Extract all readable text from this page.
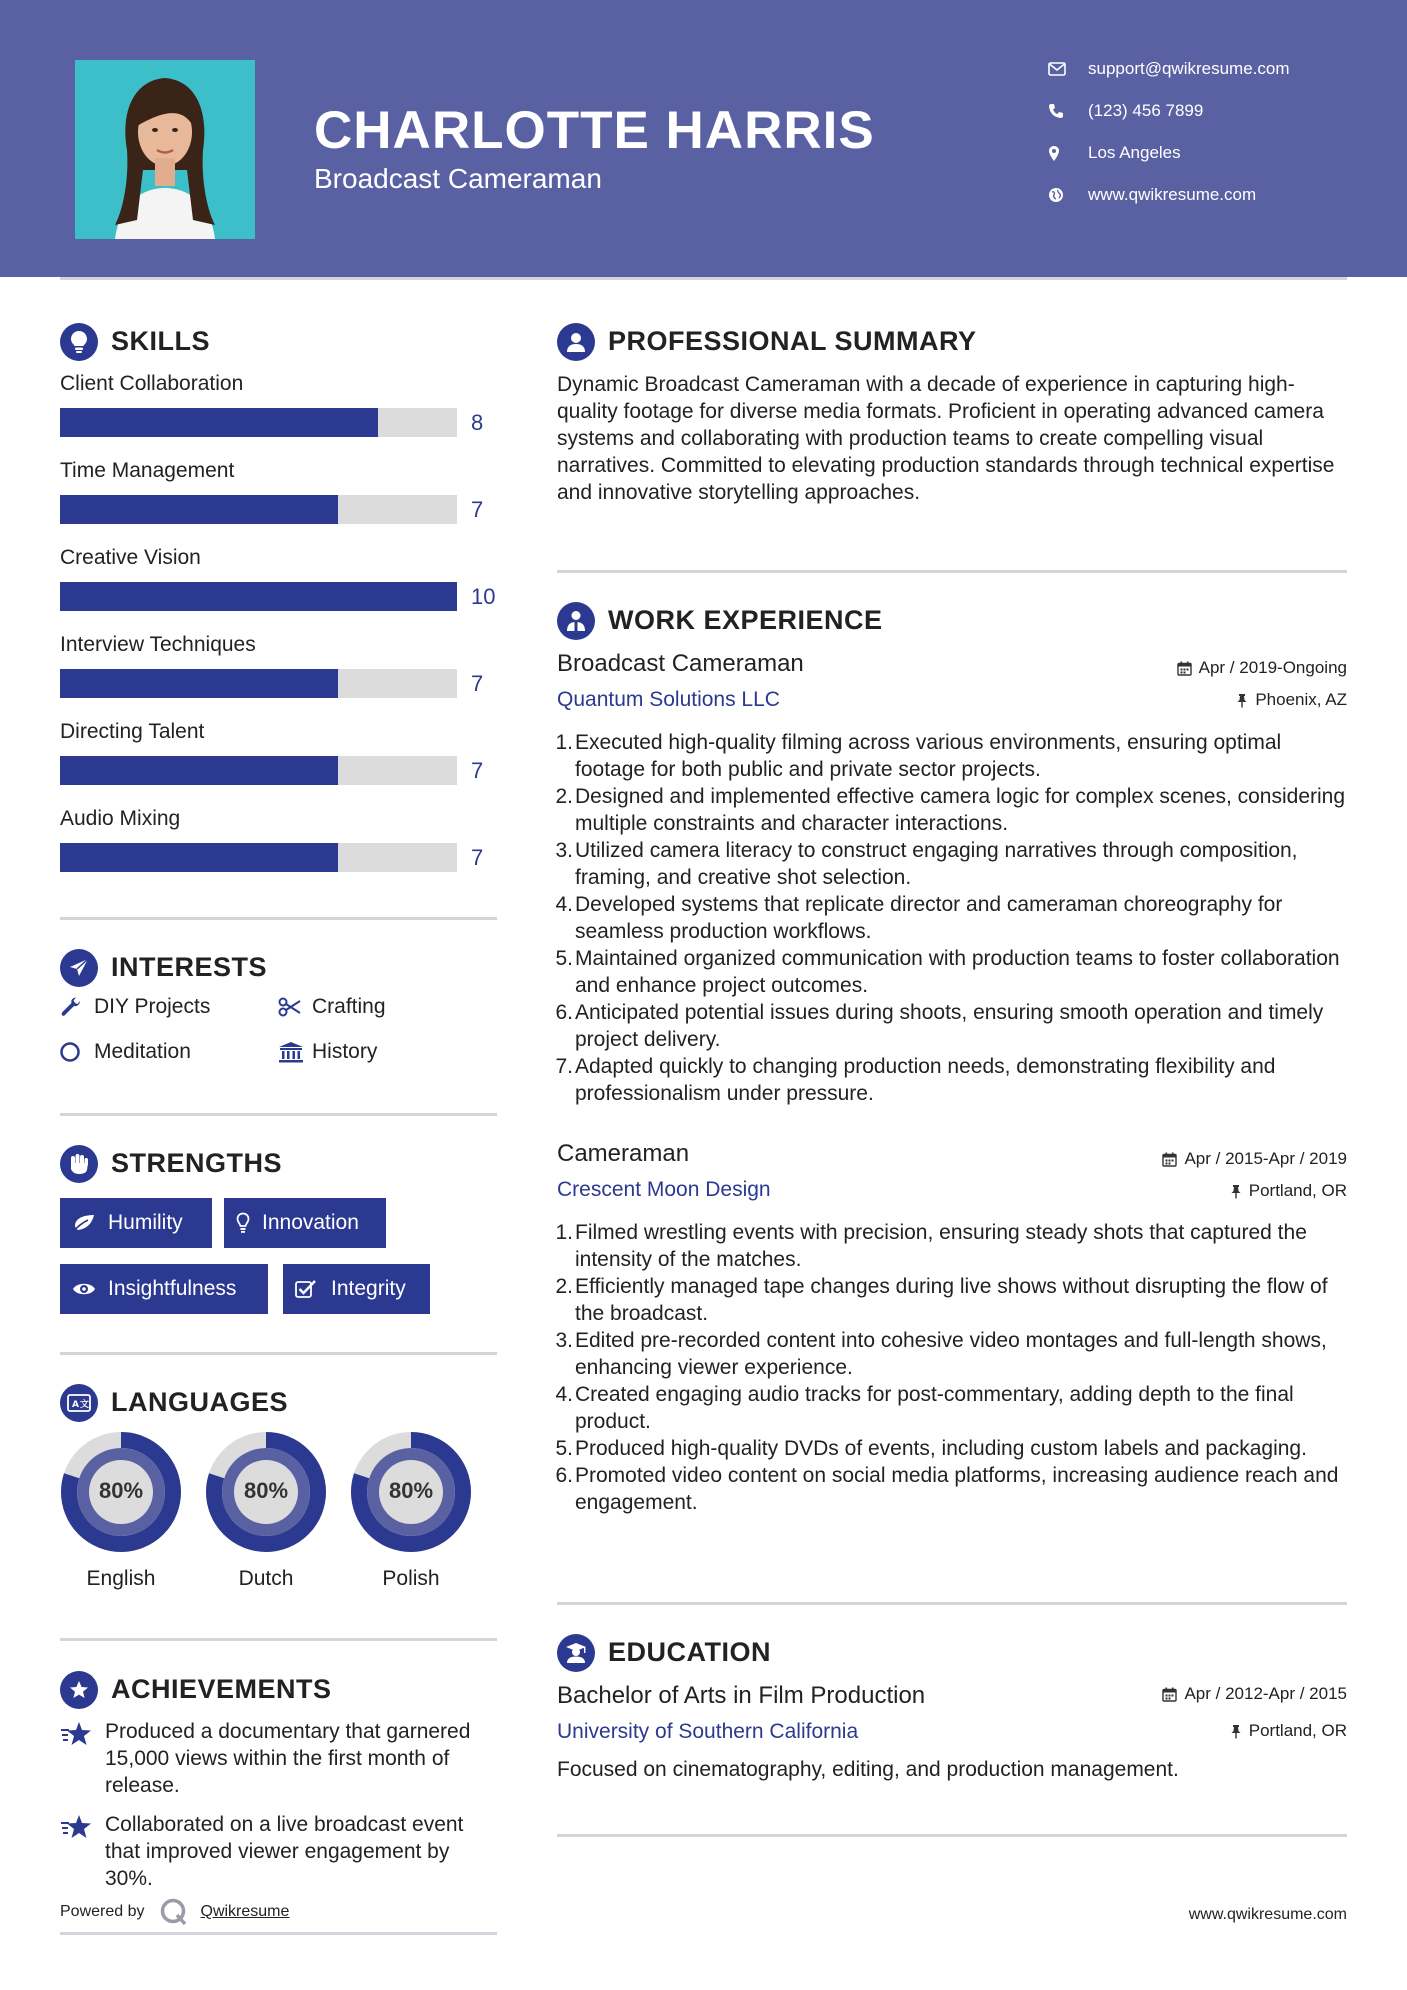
CHARLOTTE HARRIS
Broadcast Cameraman
support@qwikresume.com
(123) 456 7899
Los Angeles
www.qwikresume.com
SKILLS
Client Collaboration
8
Time Management
7
Creative Vision
10
Interview Techniques
7
Directing Talent
7
Audio Mixing
7
INTERESTS
DIY Projects	Crafting
Meditation	History
STRENGTHS
Humility	Innovation
Insightfulness	Integrity
A 文 LANGUAGES
80%
English
80%
Dutch
80%
Polish
ACHIEVEMENTS
Produced a documentary that garnered 15,000 views within the first month of release.
Collaborated on a live broadcast event that improved viewer engagement by 30%.
Powered by	Qwikresume
PROFESSIONAL SUMMARY
Dynamic Broadcast Cameraman with a decade of experience in capturing high-quality footage for diverse media formats. Proficient in operating advanced camera systems and collaborating with production teams to create compelling visual narratives. Committed to elevating production standards through technical expertise and innovative storytelling approaches.
WORK EXPERIENCE
Broadcast Cameraman	Apr / 2019-Ongoing
Quantum Solutions LLC	Phoenix, AZ
1. Executed high-quality filming across various environments, ensuring optimal footage for both public and private sector projects.
2. Designed and implemented effective camera logic for complex scenes, considering multiple constraints and character interactions.
3. Utilized camera literacy to construct engaging narratives through composition, framing, and creative shot selection.
4. Developed systems that replicate director and cameraman choreography for seamless production workflows.
5. Maintained organized communication with production teams to foster collaboration and enhance project outcomes.
6. Anticipated potential issues during shoots, ensuring smooth operation and timely project delivery.
7. Adapted quickly to changing production needs, demonstrating flexibility and professionalism under pressure.
Cameraman	Apr / 2015-Apr / 2019
Crescent Moon Design	Portland, OR
1. Filmed wrestling events with precision, ensuring steady shots that captured the intensity of the matches.
2. Efficiently managed tape changes during live shows without disrupting the flow of the broadcast.
3. Edited pre-recorded content into cohesive video montages and full-length shows, enhancing viewer experience.
4. Created engaging audio tracks for post-commentary, adding depth to the final product.
5. Produced high-quality DVDs of events, including custom labels and packaging.
6. Promoted video content on social media platforms, increasing audience reach and engagement.
EDUCATION
Bachelor of Arts in Film Production	Apr / 2012-Apr / 2015
University of Southern California	Portland, OR
Focused on cinematography, editing, and production management.
www.qwikresume.com
